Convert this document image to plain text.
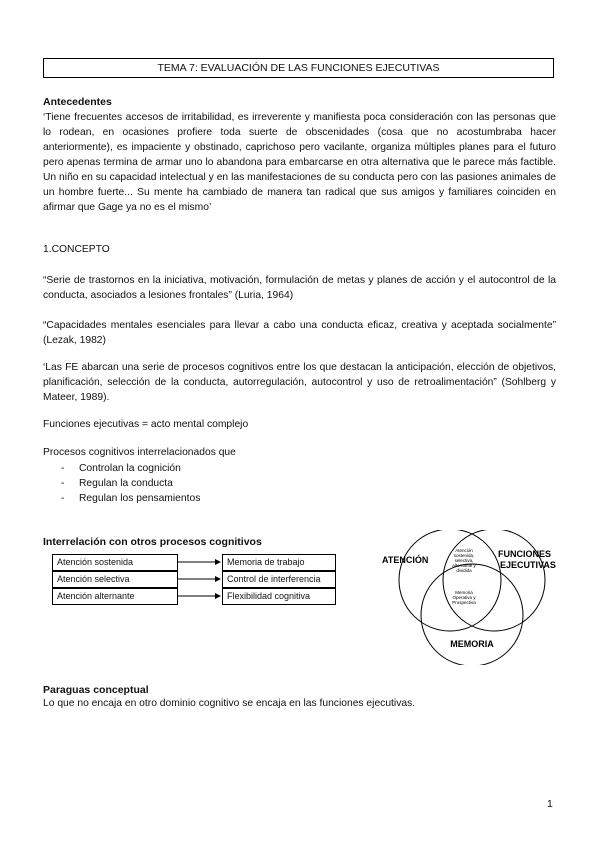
TEMA 7: EVALUACIÓN DE LAS FUNCIONES EJECUTIVAS
Antecedentes

‘Tiene frecuentes accesos de irritabilidad, es irreverente y manifiesta poca consideración con las personas que lo rodean, en ocasiones profiere toda suerte de obscenidades (cosa que no acostumbraba hacer anteriormente), es impaciente y obstinado, caprichoso pero vacilante, organiza múltiples planes para el futuro pero apenas termina de armar uno lo abandona para embarcarse en otra alternativa que le parece más factible. Un niño en su capacidad intelectual y en las manifestaciones de su conducta pero con las pasiones animales de un hombre fuerte... Su mente ha cambiado de manera tan radical que sus amigos y familiares coinciden en afirmar que Gage ya no es el mismo’

1.CONCEPTO

“Serie de trastornos en la iniciativa, motivación, formulación de metas y planes de acción y el autocontrol de la conducta, asociados a lesiones frontales” (Luria, 1964)

“Capacidades mentales esenciales para llevar a cabo una conducta eficaz, creativa y aceptada socialmente” (Lezak, 1982)

‘Las FE abarcan una serie de procesos cognitivos entre los que destacan la anticipación, elección de objetivos, planificación, selección de la conducta, autorregulación, autocontrol y uso de retroalimentación” (Sohlberg y Mateer, 1989).

Funciones ejecutivas = acto mental complejo
Procesos cognitivos interrelacionados que
- Controlan la cognición
- Regulan la conducta
- Regulan los pensamientos
Interrelación con otros procesos cognitivos
Atención sostenida
Atención selectiva
Atención alternante
Memoria de trabajo
Control de interferencia
Flexibilidad cognitiva
ATENCIÓN
FUNCIONES
EJECUTIVAS
MEMORIA
Atención
sostenida,
selectiva,
alternante y
dividida
Memoria
Operativa y
Prospectiva
Paraguas conceptual
Lo que no encaja en otro dominio cognitivo se encaja en las funciones ejecutivas.
1
